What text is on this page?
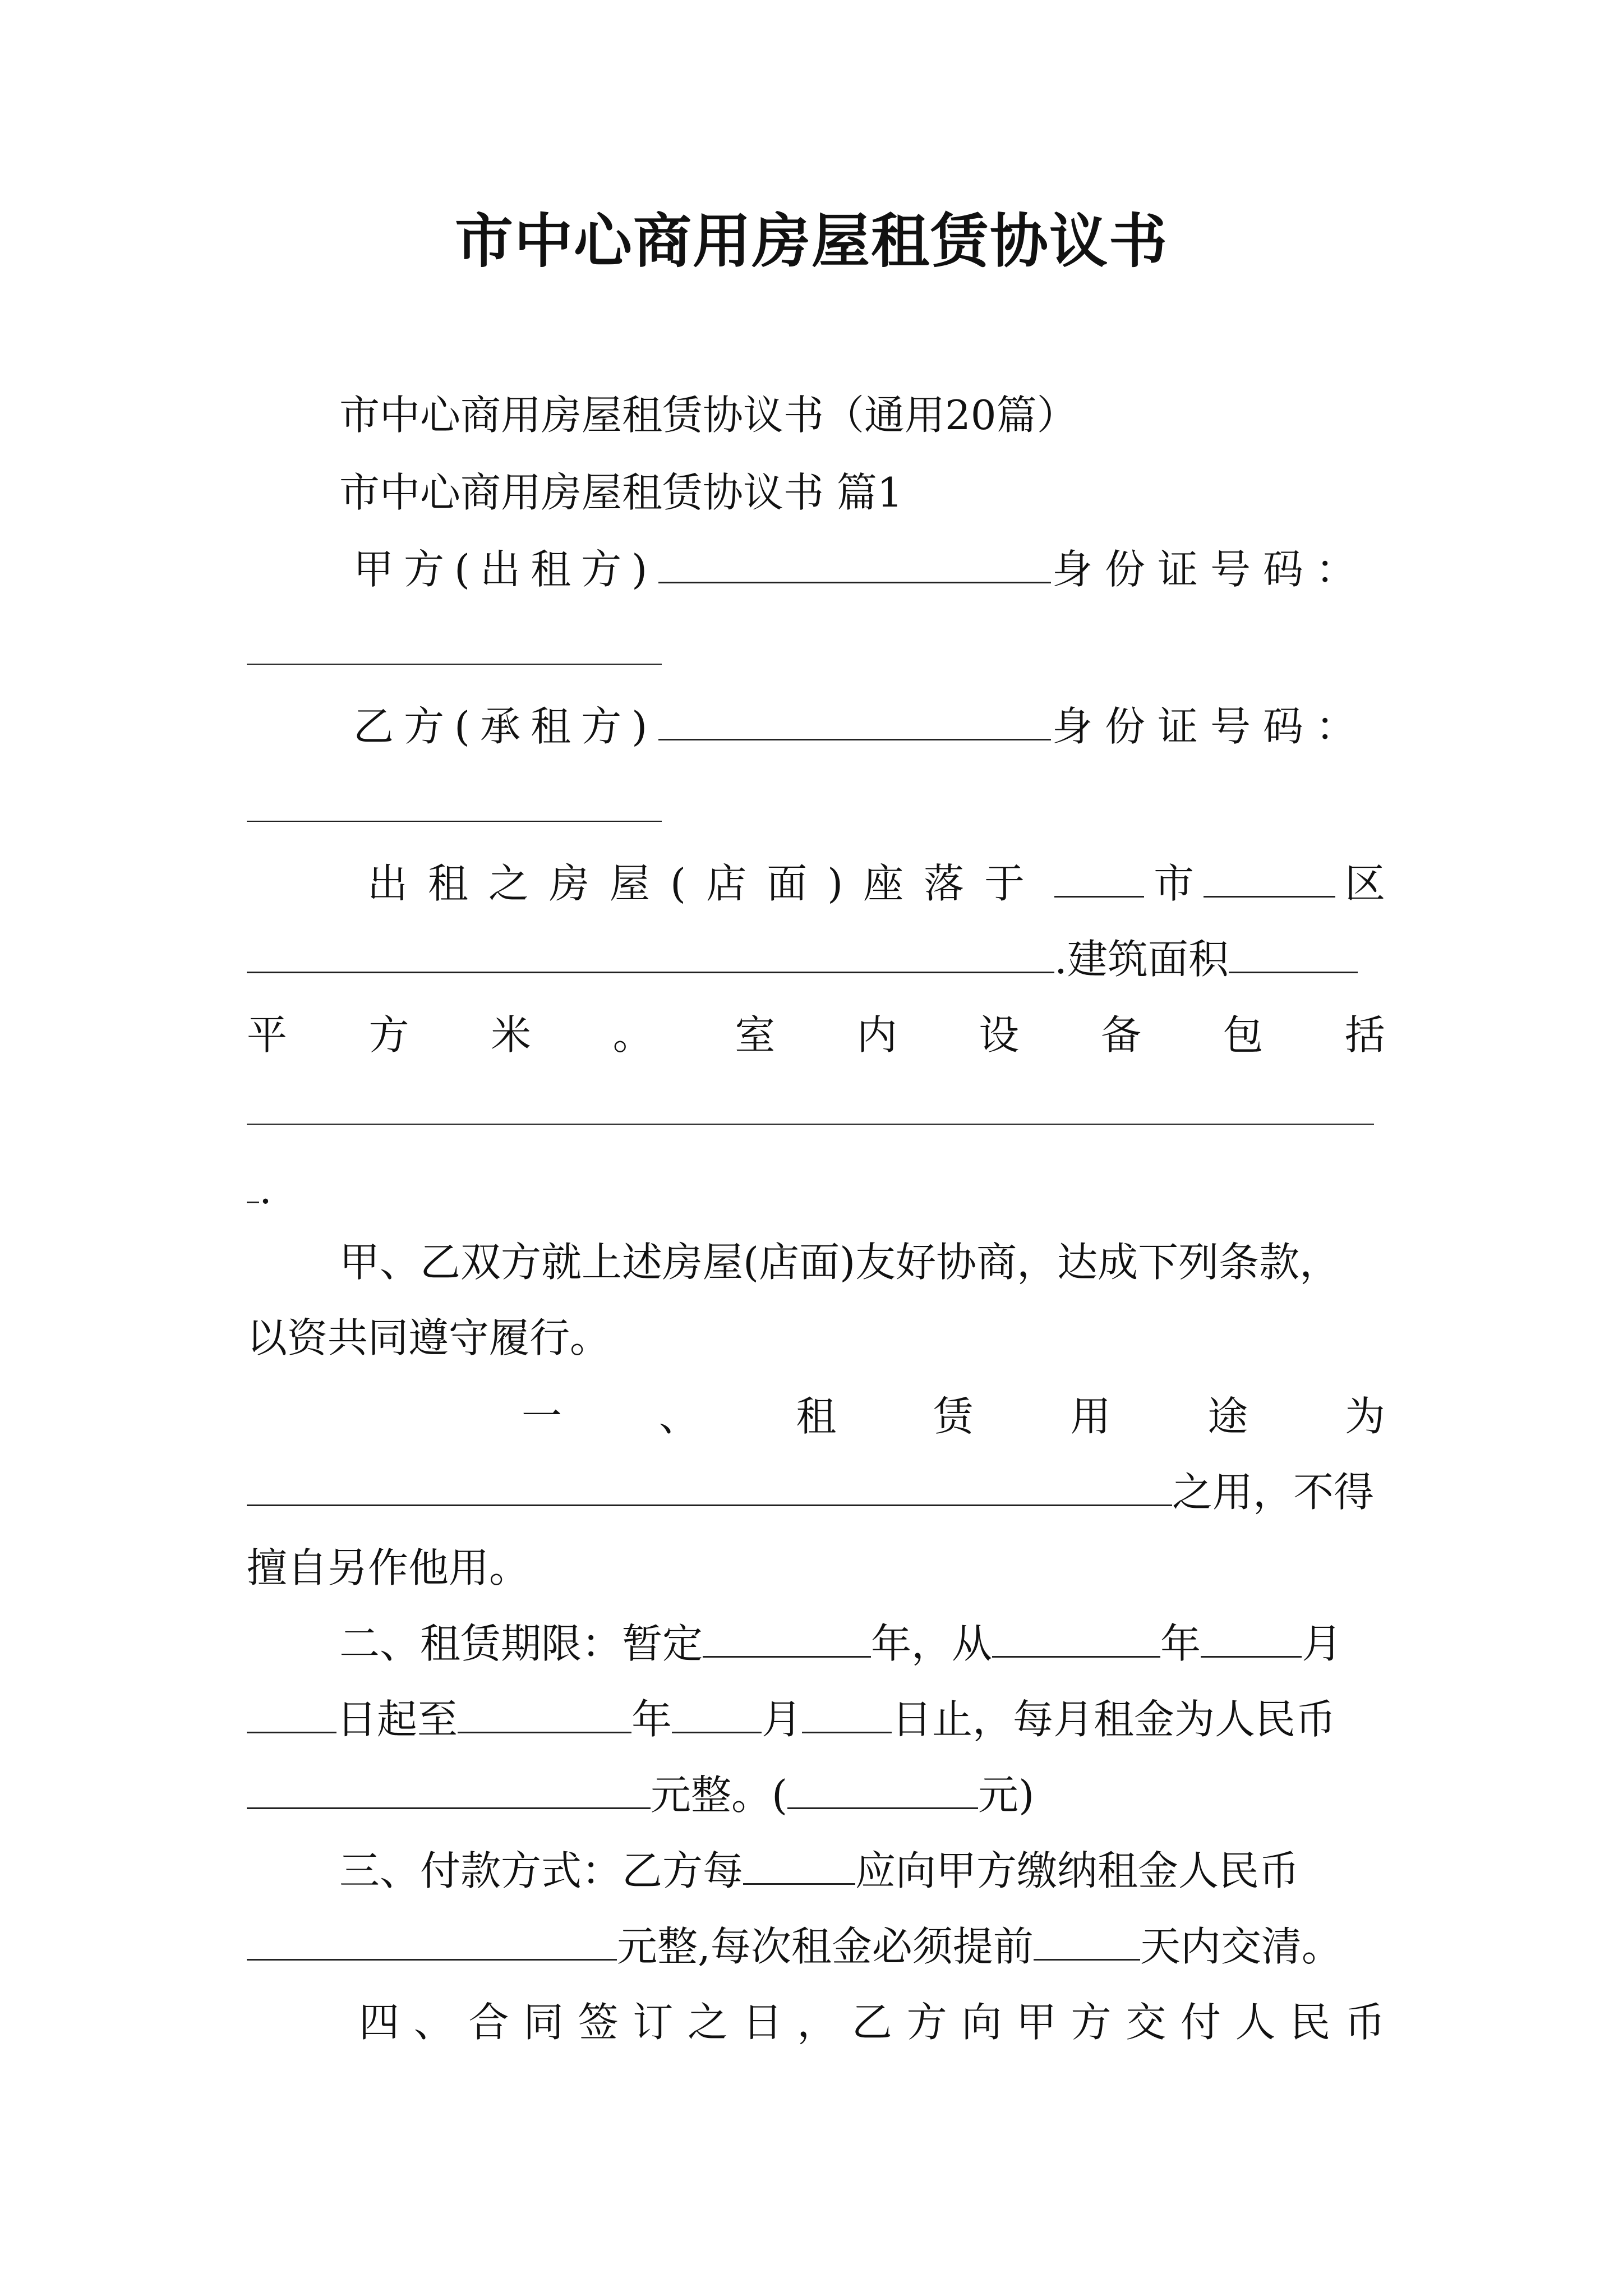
市中心商用房屋租赁协议书
市中心商用房屋租赁协议书（通用20篇）
市中心商用房屋租赁协议书 篇1
甲方(出租方)	身份证号码：
乙方(承租方)	身份证号码：
出租之房屋(店面)座落于	市	区
.建筑面积
平 方 米 。 室 内 设 备 包 括
.
甲、乙双方就上述房屋(店面)友好协商，达成下列条款，
以资共同遵守履行。
一 、 租 赁 用 途 为
之用，不得
擅自另作他用。
二、租赁期限：暂定	年，从	年	月
日起至	年 月 日止，每月租金为人民币
元整。(	元)
三、付款方式：乙方每	应向甲方缴纳租金人民币
元整,每次租金必须提前	天内交清。
四 、 合 同 签 订 之 日 ， 乙 方 向 甲 方 交 付 人 民 币
